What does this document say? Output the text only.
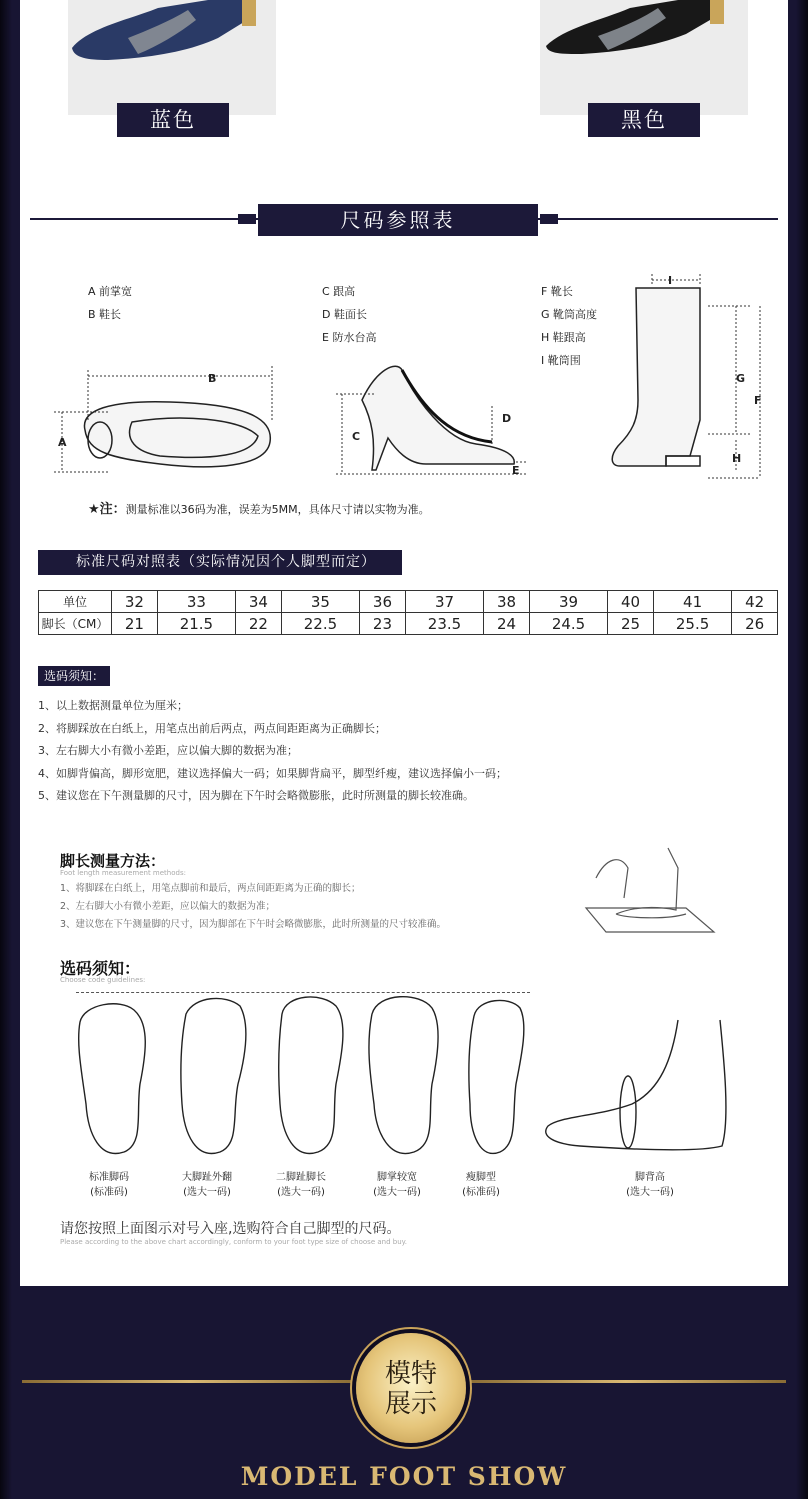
蓝色	黑色
尺码参照表
A 前掌宽
B 鞋长
C 跟高
D 鞋面长
E 防水台高
F 靴长
G 靴筒高度
H 鞋跟高
I 靴筒围
B
A	C
D
E
I
G
F
H
★注：测量标准以36码为准，误差为5MM，具体尺寸请以实物为准。
标准尺码对照表（实际情况因个人脚型而定）
单位	32	33	34	35	36	37	38	39	40	41	42
脚长（CM）	21	21.5	22	22.5	23	23.5	24	24.5	25	25.5	26
选码须知：
1、以上数据测量单位为厘米；
2、将脚踩放在白纸上，用笔点出前后两点，两点间距距离为正确脚长；
3、左右脚大小有微小差距，应以偏大脚的数据为准；
4、如脚背偏高，脚形宽肥，建议选择偏大一码；如果脚背扁平，脚型纤瘦，建议选择偏小一码；
5、建议您在下午测量脚的尺寸，因为脚在下午时会略微膨胀，此时所测量的脚长较准确。
脚长测量方法：
Foot length measurement methods:
1、将脚踩在白纸上，用笔点脚前和最后，两点间距距离为正确的脚长；
2、左右脚大小有微小差距，应以偏大的数据为准；
3、建议您在下午测量脚的尺寸，因为脚部在下午时会略微膨胀，此时所测量的尺寸较准确。
选码须知：
Choose code guidelines:
标准脚码
(标准码)
大脚趾外翻
(选大一码)
二脚趾脚长
(选大一码)
脚掌较宽
(选大一码)
瘦脚型
(标准码)
脚背高
(选大一码)
请您按照上面图示对号入座,选购符合自己脚型的尺码。
Please according to the above chart accordingly, conform to your foot type size of choose and buy.
模特
展示
MODEL FOOT SHOW
